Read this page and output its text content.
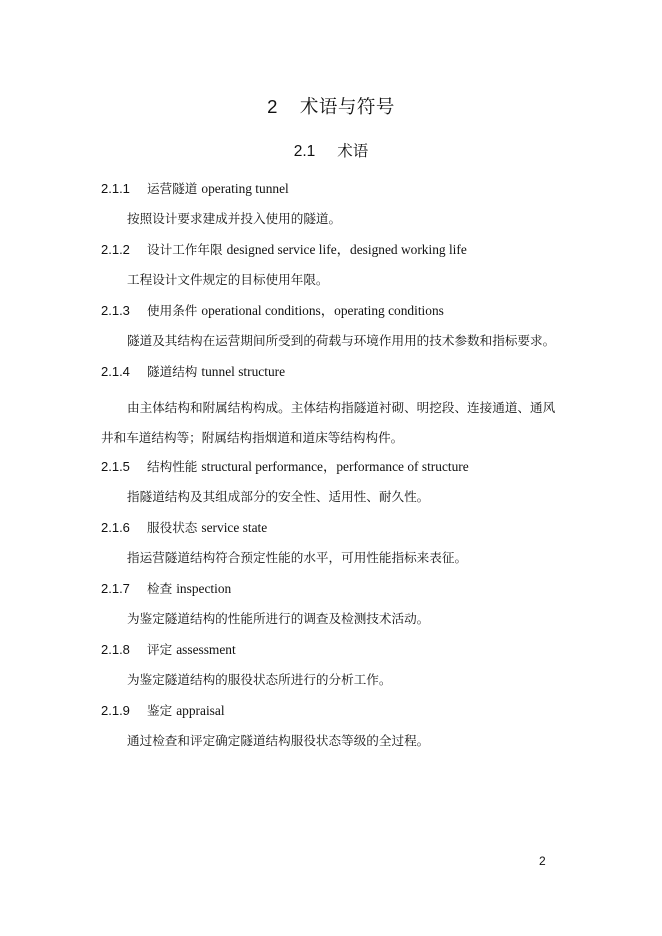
2 术语与符号
2.1 术语
2.1.1 运营隧道 operating tunnel
按照设计要求建成并投入使用的隧道。
2.1.2 设计工作年限 designed service life，designed working life
工程设计文件规定的目标使用年限。
2.1.3 使用条件 operational conditions，operating conditions
隧道及其结构在运营期间所受到的荷载与环境作用用的技术参数和指标要求。
2.1.4 隧道结构 tunnel structure
由主体结构和附属结构构成。主体结构指隧道衬砌、明挖段、连接通道、通风井和车道结构等；附属结构指烟道和道床等结构构件。
2.1.5 结构性能 structural performance，performance of structure
指隧道结构及其组成部分的安全性、适用性、耐久性。
2.1.6 服役状态 service state
指运营隧道结构符合预定性能的水平，可用性能指标来表征。
2.1.7 检查 inspection
为鉴定隧道结构的性能所进行的调查及检测技术活动。
2.1.8 评定 assessment
为鉴定隧道结构的服役状态所进行的分析工作。
2.1.9 鉴定 appraisal
通过检查和评定确定隧道结构服役状态等级的全过程。
2
